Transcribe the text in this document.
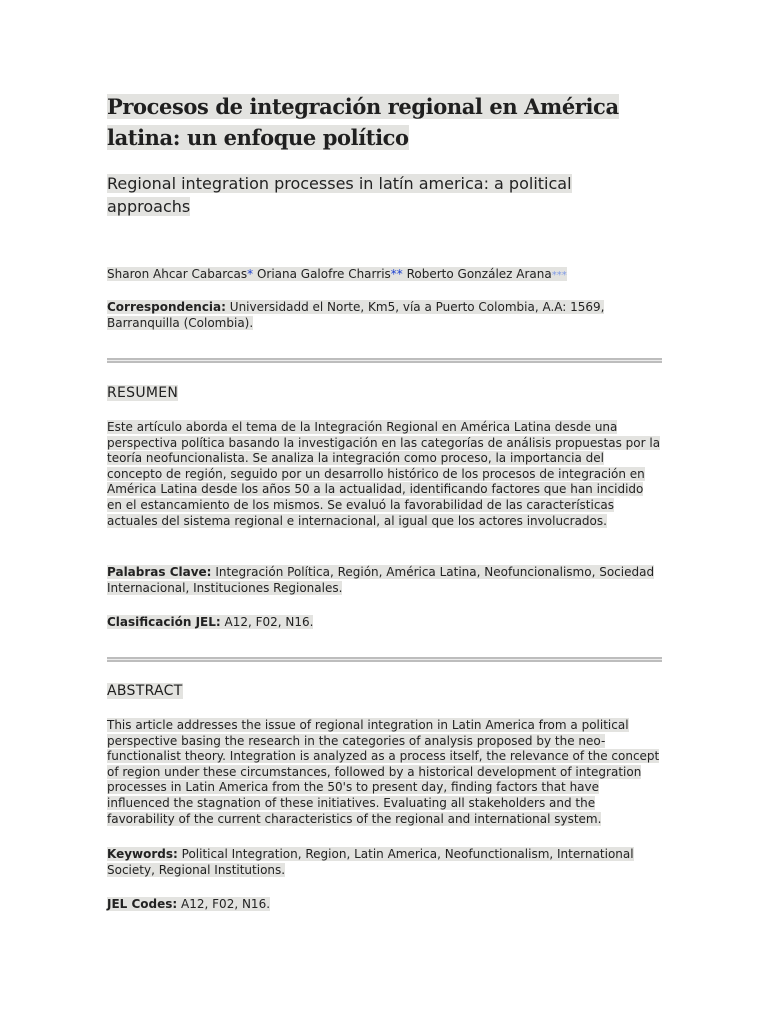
Procesos de integración regional en América latina: un enfoque político
Regional integration processes in latín america: a political approachs
Sharon Ahcar Cabarcas* Oriana Galofre Charris** Roberto González Arana***

Correspondencia: Universidadd el Norte, Km5, vía a Puerto Colombia, A.A: 1569, Barranquilla (Colombia).

RESUMEN

Este artículo aborda el tema de la Integración Regional en América Latina desde una perspectiva política basando la investigación en las categorías de análisis propuestas por la teoría neofuncionalista. Se analiza la integración como proceso, la importancia del concepto de región, seguido por un desarrollo histórico de los procesos de integración en América Latina desde los años 50 a la actualidad, identificando factores que han incidido en el estancamiento de los mismos. Se evaluó la favorabilidad de las características actuales del sistema regional e internacional, al igual que los actores involucrados.

Palabras Clave: Integración Política, Región, América Latina, Neofuncionalismo, Sociedad Internacional, Instituciones Regionales.

Clasificación JEL: A12, F02, N16.

ABSTRACT

This article addresses the issue of regional integration in Latin America from a political perspective basing the research in the categories of analysis proposed by the neo-functionalist theory. Integration is analyzed as a process itself, the relevance of the concept of region under these circumstances, followed by a historical development of integration processes in Latin America from the 50's to present day, finding factors that have influenced the stagnation of these initiatives. Evaluating all stakeholders and the favorability of the current characteristics of the regional and international system.

Keywords: Political Integration, Region, Latin America, Neofunctionalism, International Society, Regional Institutions.

JEL Codes: A12, F02, N16.
